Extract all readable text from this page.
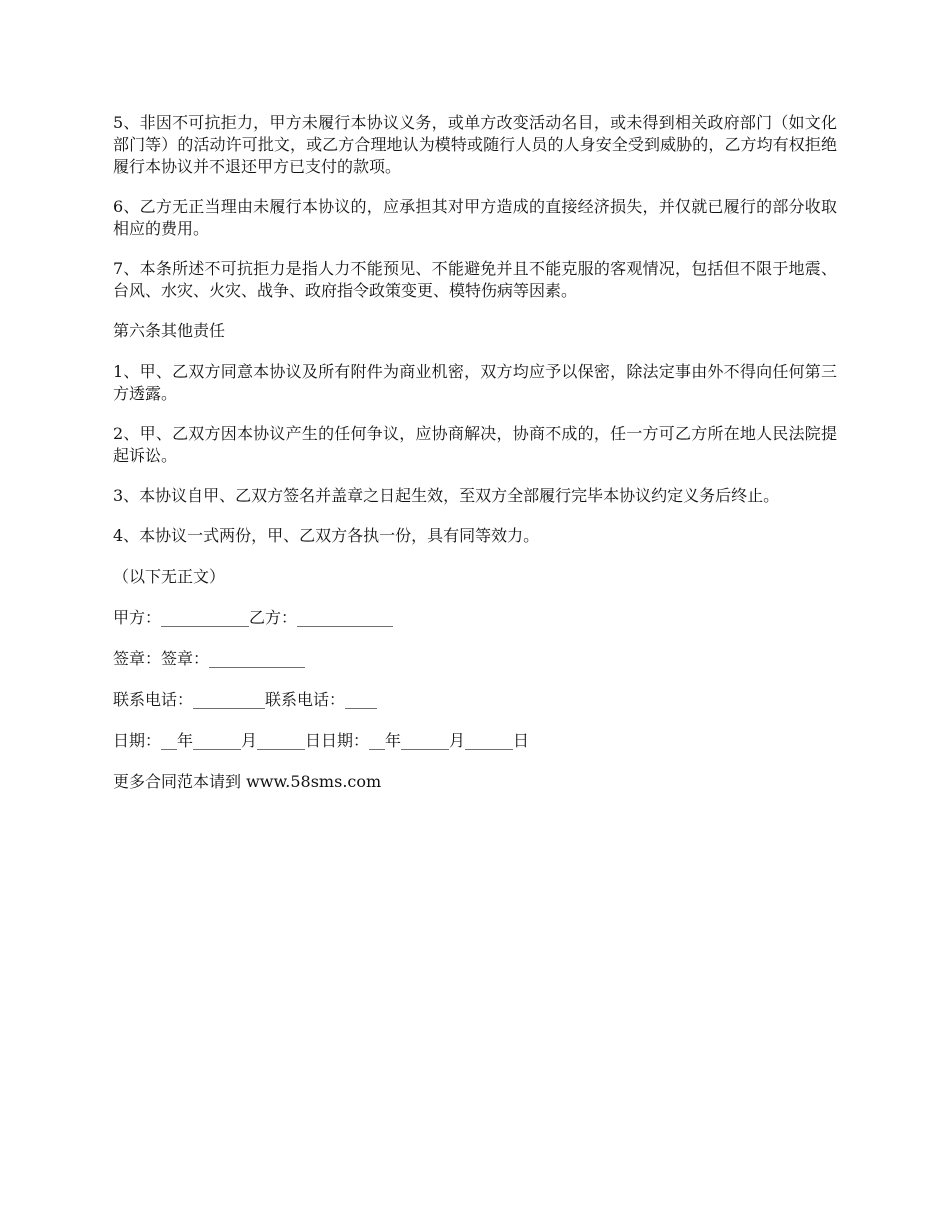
5、非因不可抗拒力，甲方未履行本协议义务，或单方改变活动名目，或未得到相关政府部门（如文化部门等）的活动许可批文，或乙方合理地认为模特或随行人员的人身安全受到威胁的，乙方均有权拒绝履行本协议并不退还甲方已支付的款项。

6、乙方无正当理由未履行本协议的，应承担其对甲方造成的直接经济损失，并仅就已履行的部分收取相应的费用。

7、本条所述不可抗拒力是指人力不能预见、不能避免并且不能克服的客观情况，包括但不限于地震、台风、水灾、火灾、战争、政府指令政策变更、模特伤病等因素。

第六条其他责任

1、甲、乙双方同意本协议及所有附件为商业机密，双方均应予以保密，除法定事由外不得向任何第三方透露。

2、甲、乙双方因本协议产生的任何争议，应协商解决，协商不成的，任一方可乙方所在地人民法院提起诉讼。

3、本协议自甲、乙双方签名并盖章之日起生效，至双方全部履行完毕本协议约定义务后终止。

4、本协议一式两份，甲、乙双方各执一份，具有同等效力。

（以下无正文）

甲方：___________乙方：____________

签章：签章：____________

联系电话：_________联系电话：____

日期：__年______月______日日期：__年______月______日

更多合同范本请到 www.58sms.com
